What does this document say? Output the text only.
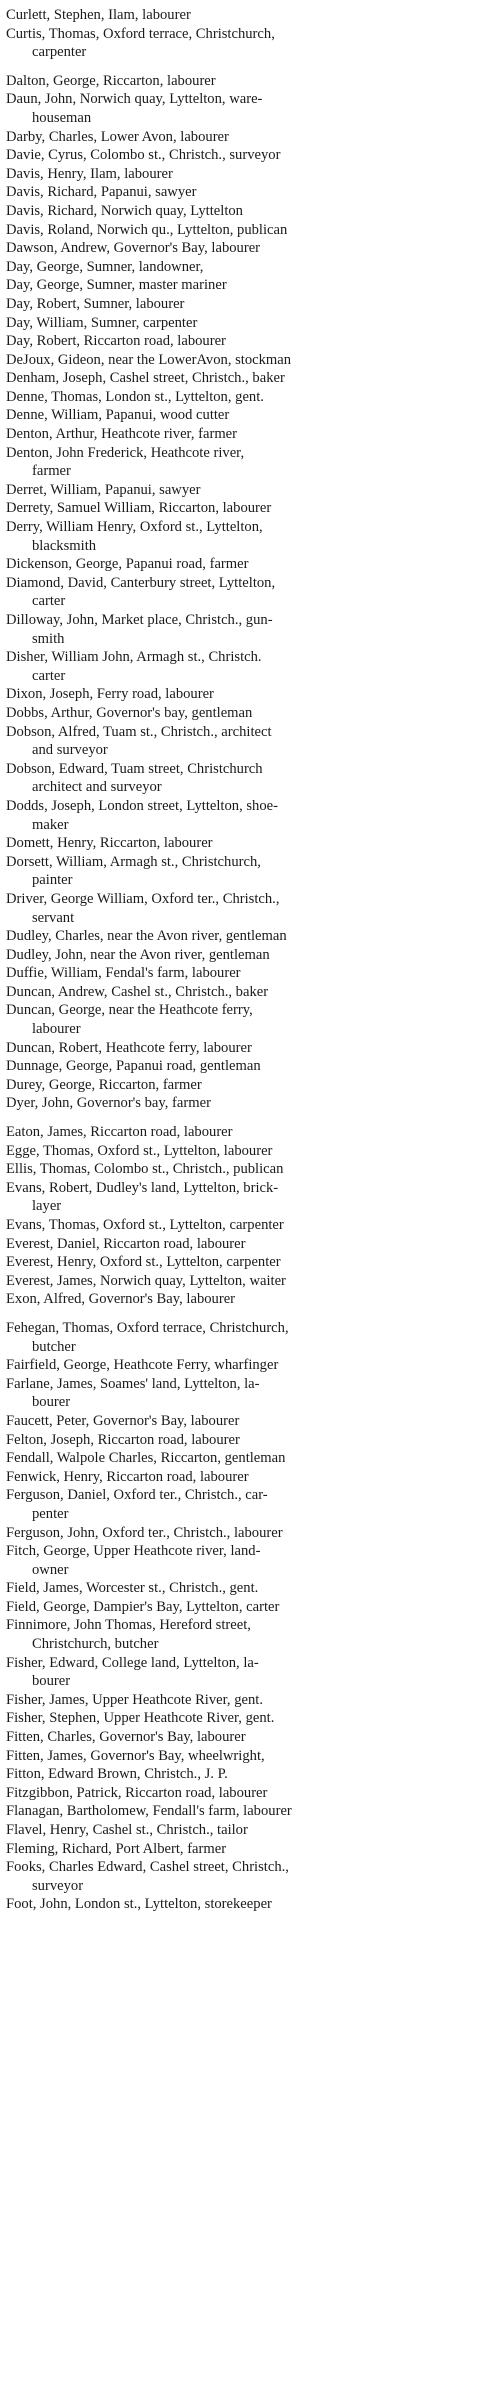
Curlett, Stephen, Ilam, labourer
Curtis, Thomas, Oxford terrace, Christchurch,
carpenter
Dalton, George, Riccarton, labourer
Daun, John, Norwich quay, Lyttelton, ware-
houseman
Darby, Charles, Lower Avon, labourer
Davie, Cyrus, Colombo st., Christch., surveyor
Davis, Henry, Ilam, labourer
Davis, Richard, Papanui, sawyer
Davis, Richard, Norwich quay, Lyttelton
Davis, Roland, Norwich qu., Lyttelton, publican
Dawson, Andrew, Governor's Bay, labourer
Day, George, Sumner, landowner,
Day, George, Sumner, master mariner
Day, Robert, Sumner, labourer
Day, William, Sumner, carpenter
Day, Robert, Riccarton road, labourer
DeJoux, Gideon, near the LowerAvon, stockman
Denham, Joseph, Cashel street, Christch., baker
Denne, Thomas, London st., Lyttelton, gent.
Denne, William, Papanui, wood cutter
Denton, Arthur, Heathcote river, farmer
Denton, John Frederick, Heathcote river,
farmer
Derret, William, Papanui, sawyer
Derrety, Samuel William, Riccarton, labourer
Derry, William Henry, Oxford st., Lyttelton,
blacksmith
Dickenson, George, Papanui road, farmer
Diamond, David, Canterbury street, Lyttelton,
carter
Dilloway, John, Market place, Christch., gun-
smith
Disher, William John, Armagh st., Christch.
carter
Dixon, Joseph, Ferry road, labourer
Dobbs, Arthur, Governor's bay, gentleman
Dobson, Alfred, Tuam st., Christch., architect
and surveyor
Dobson, Edward, Tuam street, Christchurch
architect and surveyor
Dodds, Joseph, London street, Lyttelton, shoe-
maker
Domett, Henry, Riccarton, labourer
Dorsett, William, Armagh st., Christchurch,
painter
Driver, George William, Oxford ter., Christch.,
servant
Dudley, Charles, near the Avon river, gentleman
Dudley, John, near the Avon river, gentleman
Duffie, William, Fendal's farm, labourer
Duncan, Andrew, Cashel st., Christch., baker
Duncan, George, near the Heathcote ferry,
labourer
Duncan, Robert, Heathcote ferry, labourer
Dunnage, George, Papanui road, gentleman
Durey, George, Riccarton, farmer
Dyer, John, Governor's bay, farmer
Eaton, James, Riccarton road, labourer
Egge, Thomas, Oxford st., Lyttelton, labourer
Ellis, Thomas, Colombo st., Christch., publican
Evans, Robert, Dudley's land, Lyttelton, brick-
layer
Evans, Thomas, Oxford st., Lyttelton, carpenter
Everest, Daniel, Riccarton road, labourer
Everest, Henry, Oxford st., Lyttelton, carpenter
Everest, James, Norwich quay, Lyttelton, waiter
Exon, Alfred, Governor's Bay, labourer
Fehegan, Thomas, Oxford terrace, Christchurch,
butcher
Fairfield, George, Heathcote Ferry, wharfinger
Farlane, James, Soames' land, Lyttelton, la-
bourer
Faucett, Peter, Governor's Bay, labourer
Felton, Joseph, Riccarton road, labourer
Fendall, Walpole Charles, Riccarton, gentleman
Fenwick, Henry, Riccarton road, labourer
Ferguson, Daniel, Oxford ter., Christch., car-
penter
Ferguson, John, Oxford ter., Christch., labourer
Fitch, George, Upper Heathcote river, land-
owner
Field, James, Worcester st., Christch., gent.
Field, George, Dampier's Bay, Lyttelton, carter
Finnimore, John Thomas, Hereford street,
Christchurch, butcher
Fisher, Edward, College land, Lyttelton, la-
bourer
Fisher, James, Upper Heathcote River, gent.
Fisher, Stephen, Upper Heathcote River, gent.
Fitten, Charles, Governor's Bay, labourer
Fitten, James, Governor's Bay, wheelwright,
Fitton, Edward Brown, Christch., J. P.
Fitzgibbon, Patrick, Riccarton road, labourer
Flanagan, Bartholomew, Fendall's farm, labourer
Flavel, Henry, Cashel st., Christch., tailor
Fleming, Richard, Port Albert, farmer
Fooks, Charles Edward, Cashel street, Christch.,
surveyor
Foot, John, London st., Lyttelton, storekeeper
